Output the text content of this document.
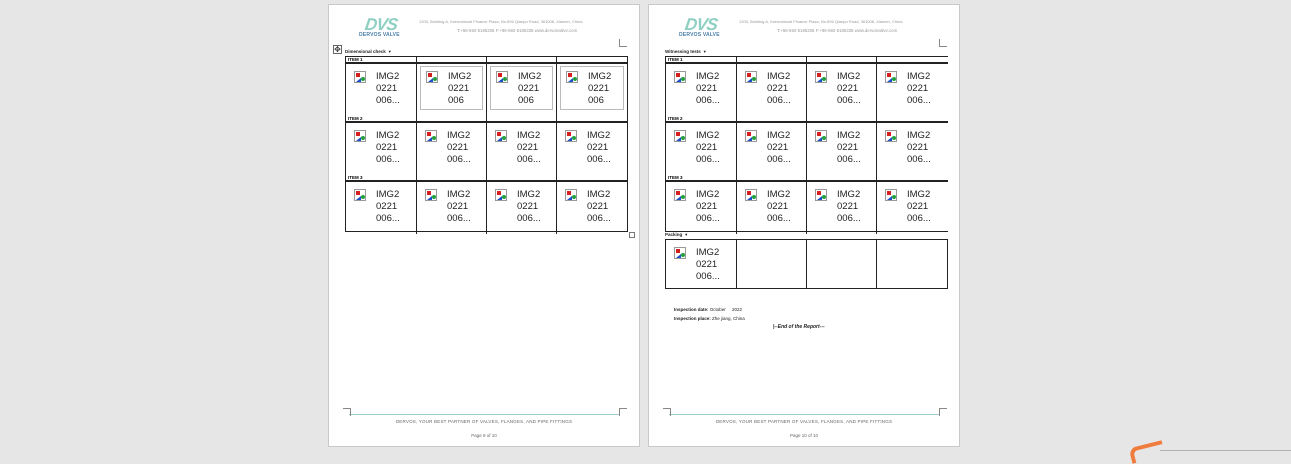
DVS
DERVOS VALVE
1205, Building A, International Finance Plaza, No.506 Qianpu Road, 361008, Xiamen, China
T:+86-592-5185336 F:+86-592-5185335 www.dervosvalve.com
✥ Dimensional check ▼
ITEM 1
IMG2
0221
006...
IMG2
0221
006
IMG2
0221
006
IMG2
0221
006
ITEM 2
IMG2
0221
006...
IMG2
0221
006...
IMG2
0221
006...
IMG2
0221
006...
ITEM 3
IMG2
0221
006...
IMG2
0221
006...
IMG2
0221
006...
IMG2
0221
006...
DERVOS, YOUR BEST PARTNER OF VALVES, FLANGES, AND PIPE FITTINGS
Page 9 of 10
DVS
DERVOS VALVE
1205, Building A, International Finance Plaza, No.506 Qianpu Road, 361008, Xiamen, China
T:+86-592-5185336 F:+86-592-5185335 www.dervosvalve.com
Witnessing tests ▼
ITEM 1
IMG2
0221
006...
IMG2
0221
006...
IMG2
0221
006...
IMG2
0221
006...
ITEM 2
IMG2
0221
006...
IMG2
0221
006...
IMG2
0221
006...
IMG2
0221
006...
ITEM 3
IMG2
0221
006...
IMG2
0221
006...
IMG2
0221
006...
IMG2
0221
006...
Packing ▼
IMG2
0221
006...
Inspection date: October     2022
Inspection place: Zhe jiang, China
|--End of the Report---
DERVOS, YOUR BEST PARTNER OF VALVES, FLANGES, AND PIPE FITTINGS
Page 10 of 10
